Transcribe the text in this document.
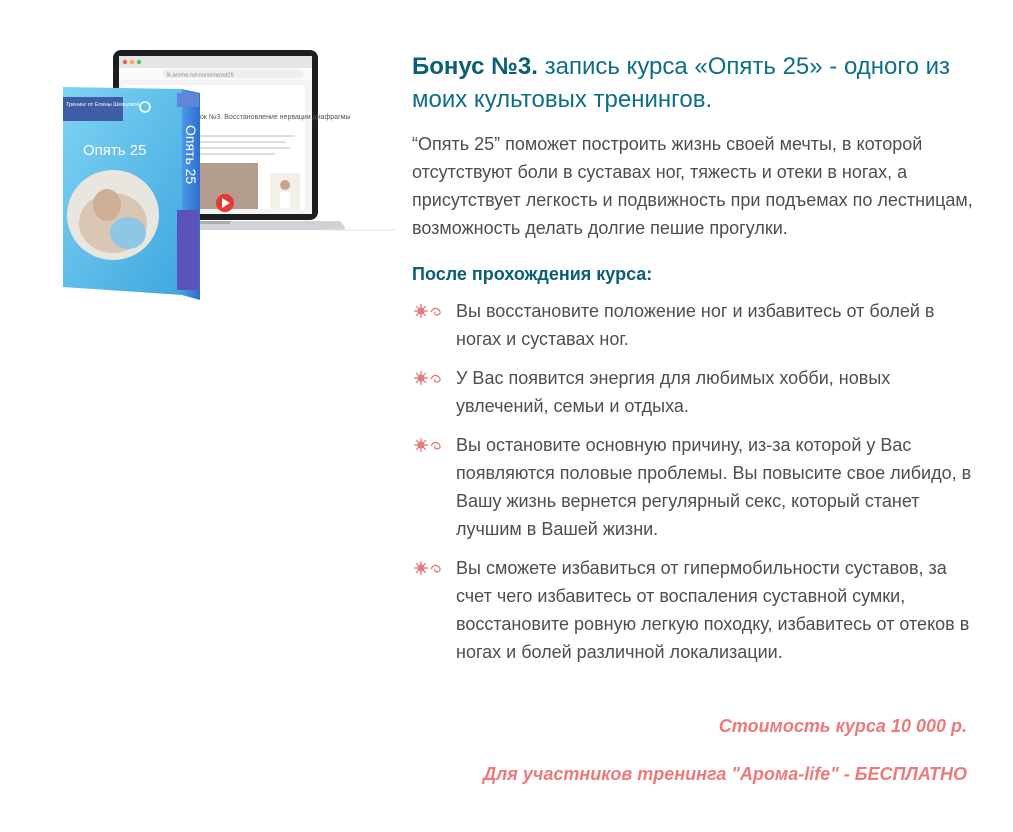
lk.aroma.ru/course/opyat25
ок №3. Восстановление нервации диафрагмы
Тренинг от Елены Шевцовой
Опять 25	Опять 25
Бонус №3. запись курса «Опять 25» - одного из моих культовых тренингов.

“Опять 25” поможет построить жизнь своей мечты, в которой отсутствуют боли в суставах ног, тяжесть и отеки в ногах, а присутствует легкость и подвижность при подъемах по лестницам, возможность делать долгие пешие прогулки.

После прохождения курса:
Вы восстановите положение ног и избавитесь от болей в ногах и суставах ног.
У Вас появится энергия для любимых хобби, новых увлечений, семьи и отдыха.
Вы остановите основную причину, из-за которой у Вас появляются половые проблемы. Вы повысите свое либидо, в Вашу жизнь вернется регулярный секс, который станет лучшим в Вашей жизни.
Вы сможете избавиться от гипермобильности суставов, за счет чего избавитесь от воспаления суставной сумки, восстановите ровную легкую походку, избавитесь от отеков в ногах и болей различной локализации.
Стоимость курса 10 000 р.
Для участников тренинга "Арома-life" - БЕСПЛАТНО
